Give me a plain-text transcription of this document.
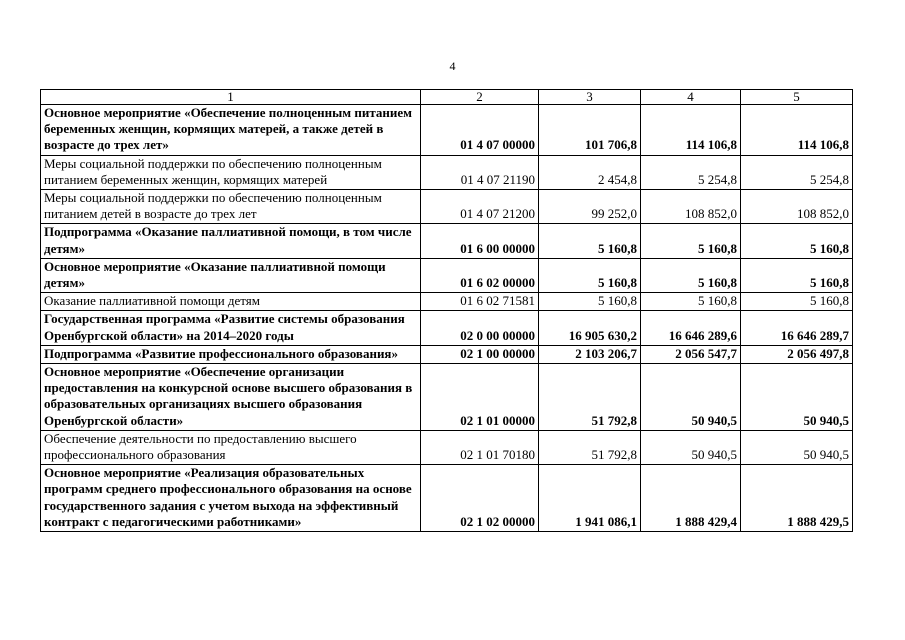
4
1	2	3	4	5
Основное мероприятие «Обеспечение полноценным питанием беременных женщин, кормящих матерей, а также детей в возрасте до трех лет»	01 4 07 00000	101 706,8	114 106,8	114 106,8
Меры социальной поддержки по обеспечению полноценным питанием беременных женщин, кормящих матерей	01 4 07 21190	2 454,8	5 254,8	5 254,8
Меры социальной поддержки по обеспечению полноценным питанием детей в возрасте до трех лет	01 4 07 21200	99 252,0	108 852,0	108 852,0
Подпрограмма «Оказание паллиативной помощи, в том числе детям»	01 6 00 00000	5 160,8	5 160,8	5 160,8
Основное мероприятие «Оказание паллиативной помощи детям»	01 6 02 00000	5 160,8	5 160,8	5 160,8
Оказание паллиативной помощи детям	01 6 02 71581	5 160,8	5 160,8	5 160,8
Государственная программа «Развитие системы образования Оренбургской области» на 2014–2020 годы	02 0 00 00000	16 905 630,2	16 646 289,6	16 646 289,7
Подпрограмма «Развитие профессионального образования»	02 1 00 00000	2 103 206,7	2 056 547,7	2 056 497,8
Основное мероприятие «Обеспечение организации предоставления на конкурсной основе высшего образования в образовательных организациях высшего образования Оренбургской области»	02 1 01 00000	51 792,8	50 940,5	50 940,5
Обеспечение деятельности по предоставлению высшего профессионального образования	02 1 01 70180	51 792,8	50 940,5	50 940,5
Основное мероприятие «Реализация образовательных программ среднего профессионального образования на основе государственного задания с учетом выхода на эффективный контракт с педагогическими работниками»	02 1 02 00000	1 941 086,1	1 888 429,4	1 888 429,5
